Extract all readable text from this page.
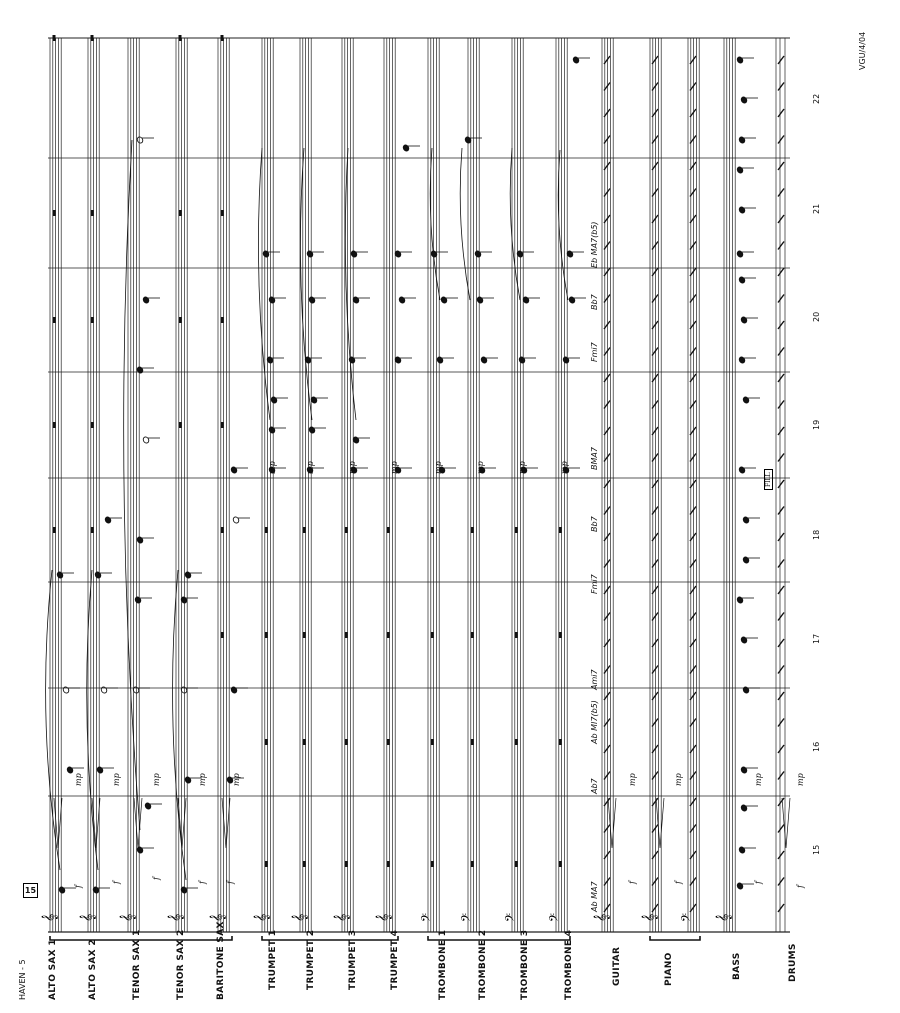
𝄞 𝄞 𝄞 𝄞 𝄞 𝄞 𝄞 𝄞 𝄞 𝄢 𝄢 𝄢 𝄢 𝄞 𝄞 𝄢 𝄞
15
HAVEN - 5
VGU/4/04
ALTO SAX 1	ALTO SAX 2	TENOR SAX 1	TENOR SAX 2	BARITONE SAX	TRUMPET 1	TRUMPET 2	TRUMPET 3	TRUMPET 4	TROMBONE 1	TROMBONE 2	TROMBONE 3	TROMBONE 4	GUITAR	PIANO	BASS	DRUMS
15
16
17
18
19
20
21
22
Ab MA7
Ab7
Ab MI7(b5)
Ami7
Fmi7
Bb7
BMA7
Fmi7
Bb7
Eb MA7(b5)
f
f
f
f f	f	f	f
f
mp	mp	mp	mp	mp
mp	mp	mp	mp	mp	mp	mp	mp
mp	mp	mp	mp
FILL
